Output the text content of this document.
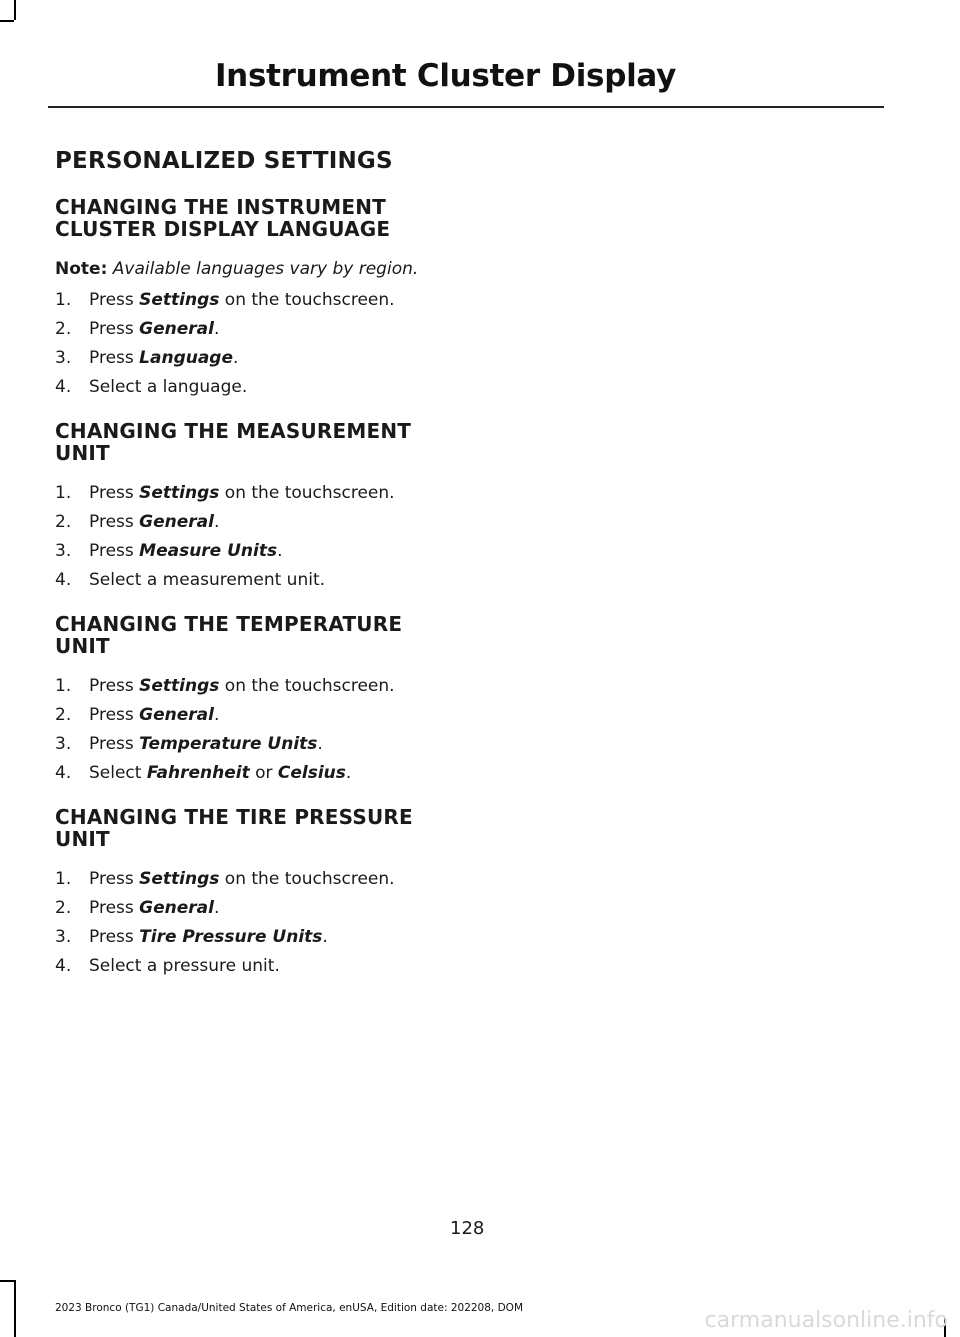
Instrument Cluster Display
PERSONALIZED SETTINGS
CHANGING THE INSTRUMENT
CLUSTER DISPLAY LANGUAGE
Note: Available languages vary by region.
1.	Press Settings on the touchscreen.
2.	Press General.
3.	Press Language.
4.	Select a language.
CHANGING THE MEASUREMENT
UNIT
1.	Press Settings on the touchscreen.
2.	Press General.
3.	Press Measure Units.
4.	Select a measurement unit.
CHANGING THE TEMPERATURE
UNIT
1.	Press Settings on the touchscreen.
2.	Press General.
3.	Press Temperature Units.
4.	Select Fahrenheit or Celsius.
CHANGING THE TIRE PRESSURE
UNIT
1.	Press Settings on the touchscreen.
2.	Press General.
3.	Press Tire Pressure Units.
4.	Select a pressure unit.
128
2023 Bronco (TG1) Canada/United States of America, enUSA, Edition date: 202208, DOM	carmanualsonline.info
